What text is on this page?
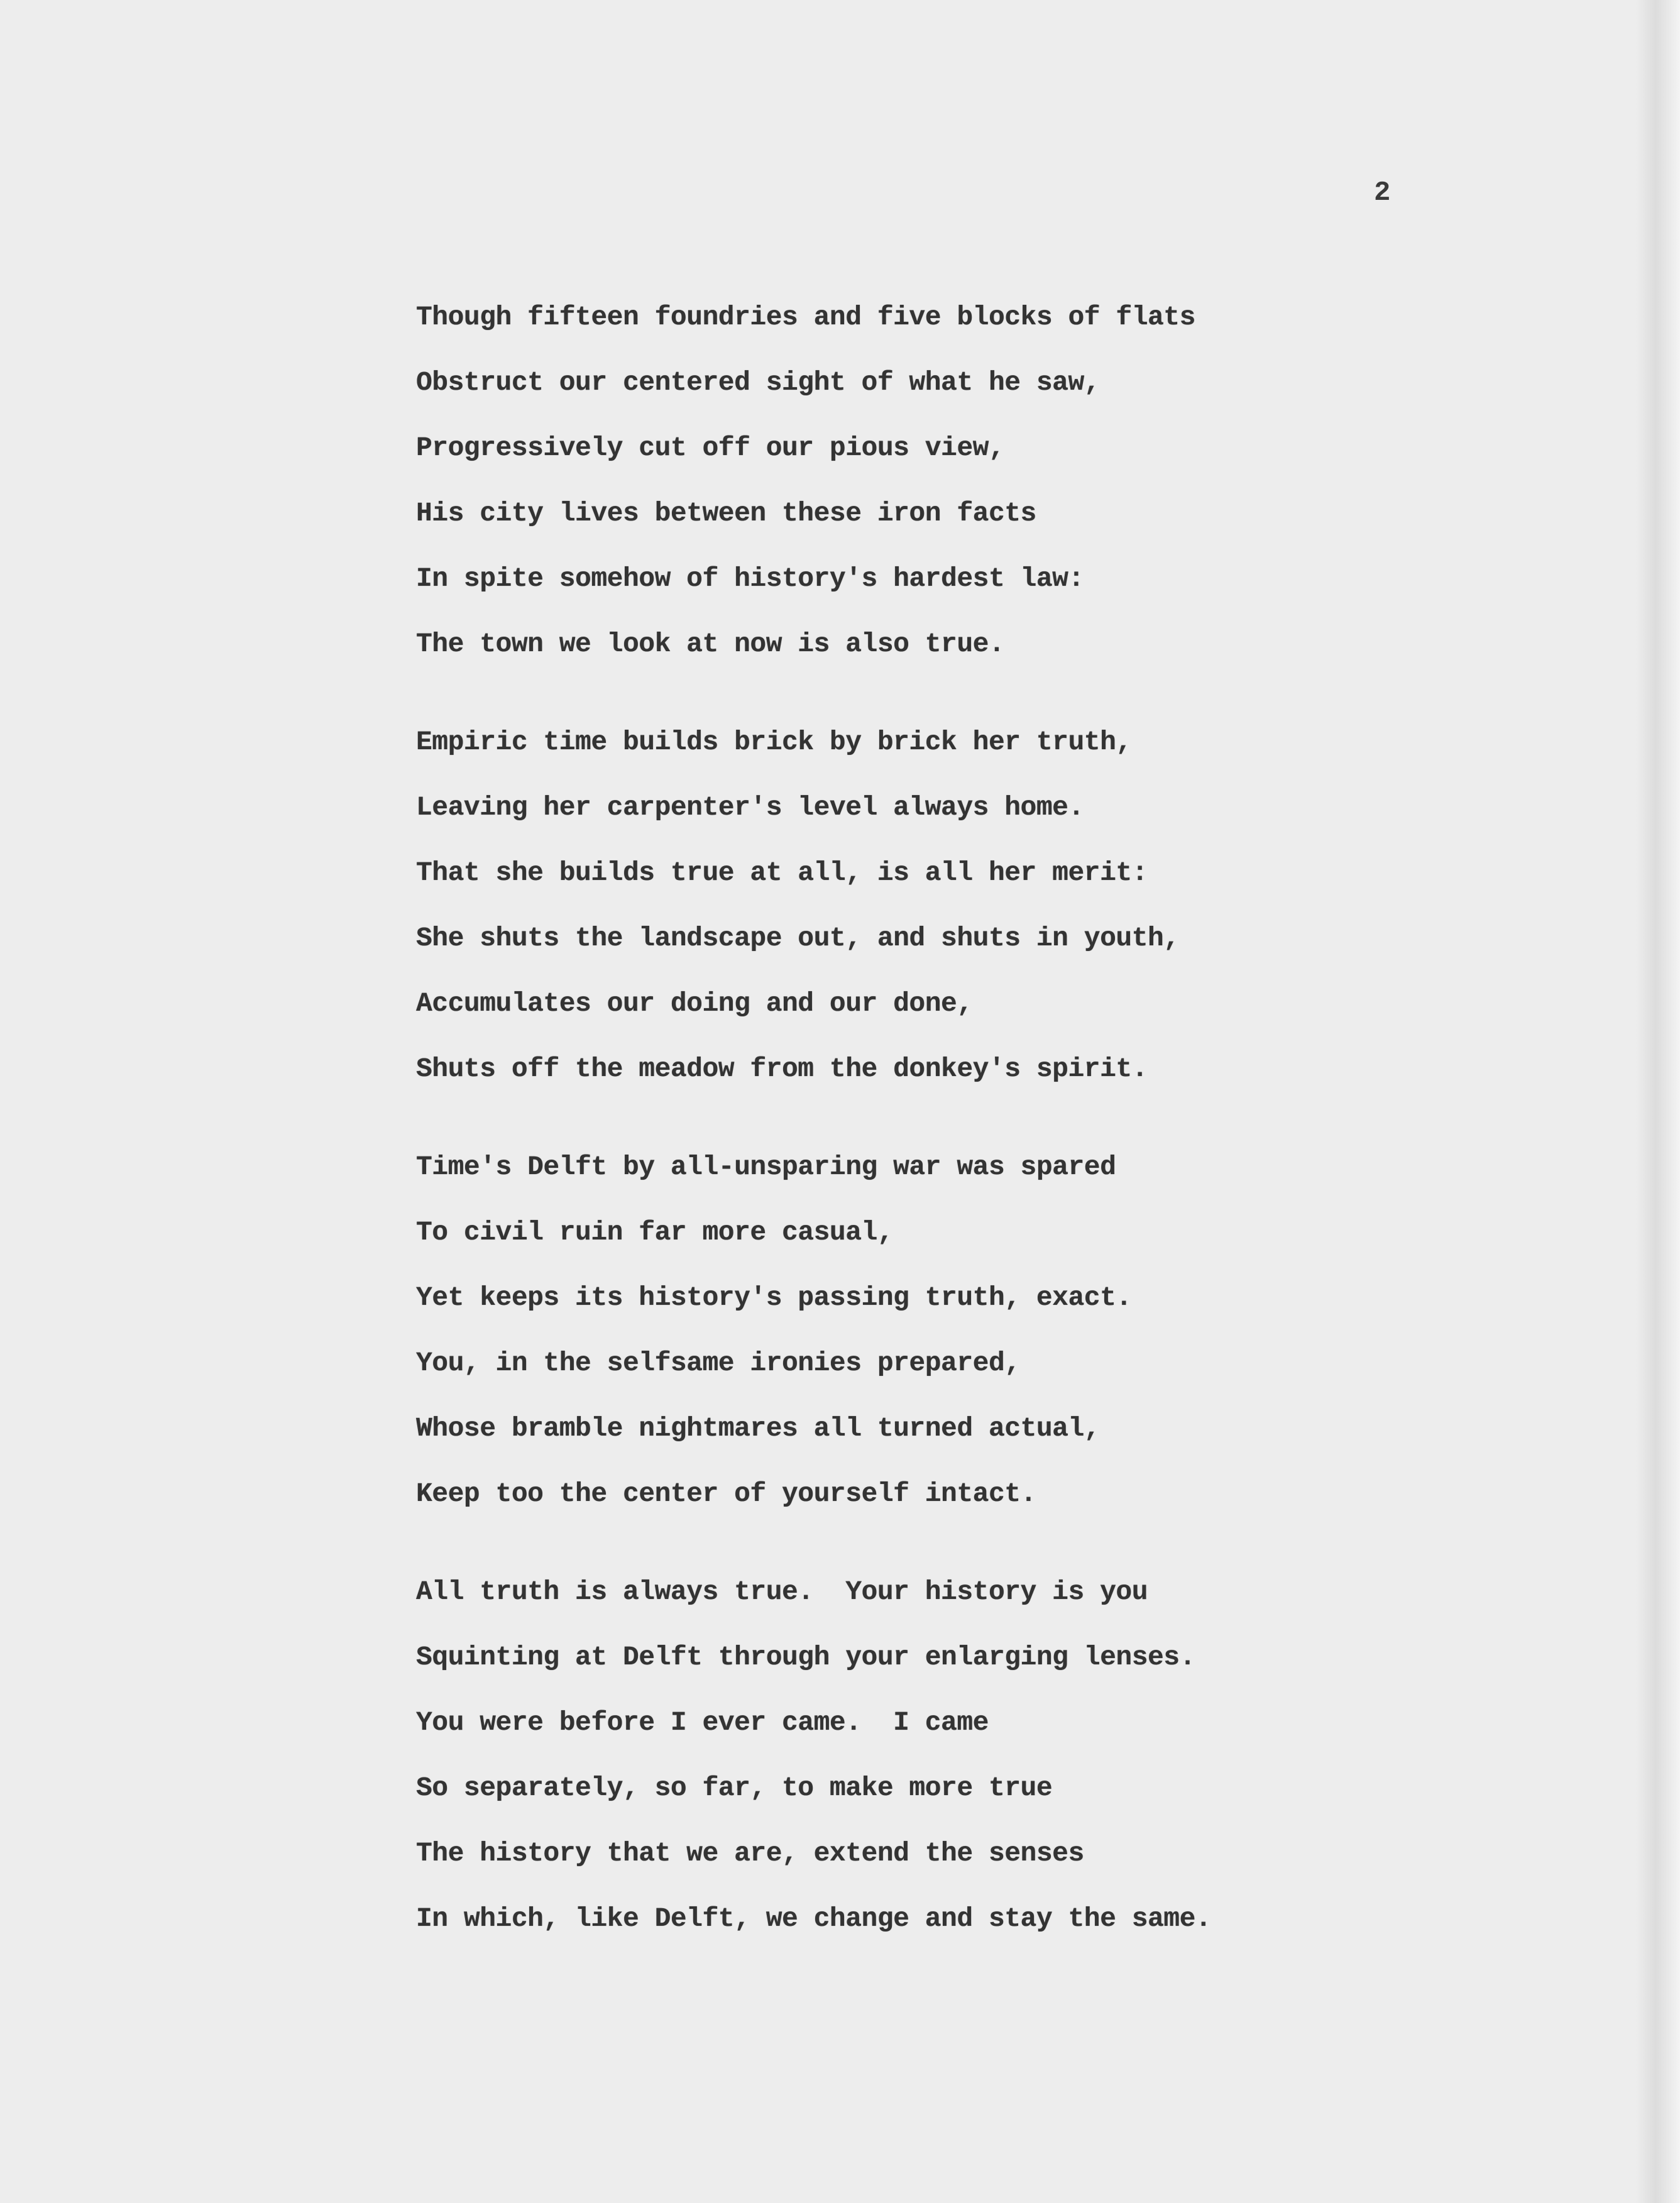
2
Though fifteen foundries and five blocks of flats
Obstruct our centered sight of what he saw,
Progressively cut off our pious view,
His city lives between these iron facts
In spite somehow of history's hardest law:
The town we look at now is also true.
Empiric time builds brick by brick her truth,
Leaving her carpenter's level always home.
That she builds true at all, is all her merit:
She shuts the landscape out, and shuts in youth,
Accumulates our doing and our done,
Shuts off the meadow from the donkey's spirit.
Time's Delft by all-unsparing war was spared
To civil ruin far more casual,
Yet keeps its history's passing truth, exact.
You, in the selfsame ironies prepared,
Whose bramble nightmares all turned actual,
Keep too the center of yourself intact.
All truth is always true.  Your history is you
Squinting at Delft through your enlarging lenses.
You were before I ever came.  I came
So separately, so far, to make more true
The history that we are, extend the senses
In which, like Delft, we change and stay the same.
